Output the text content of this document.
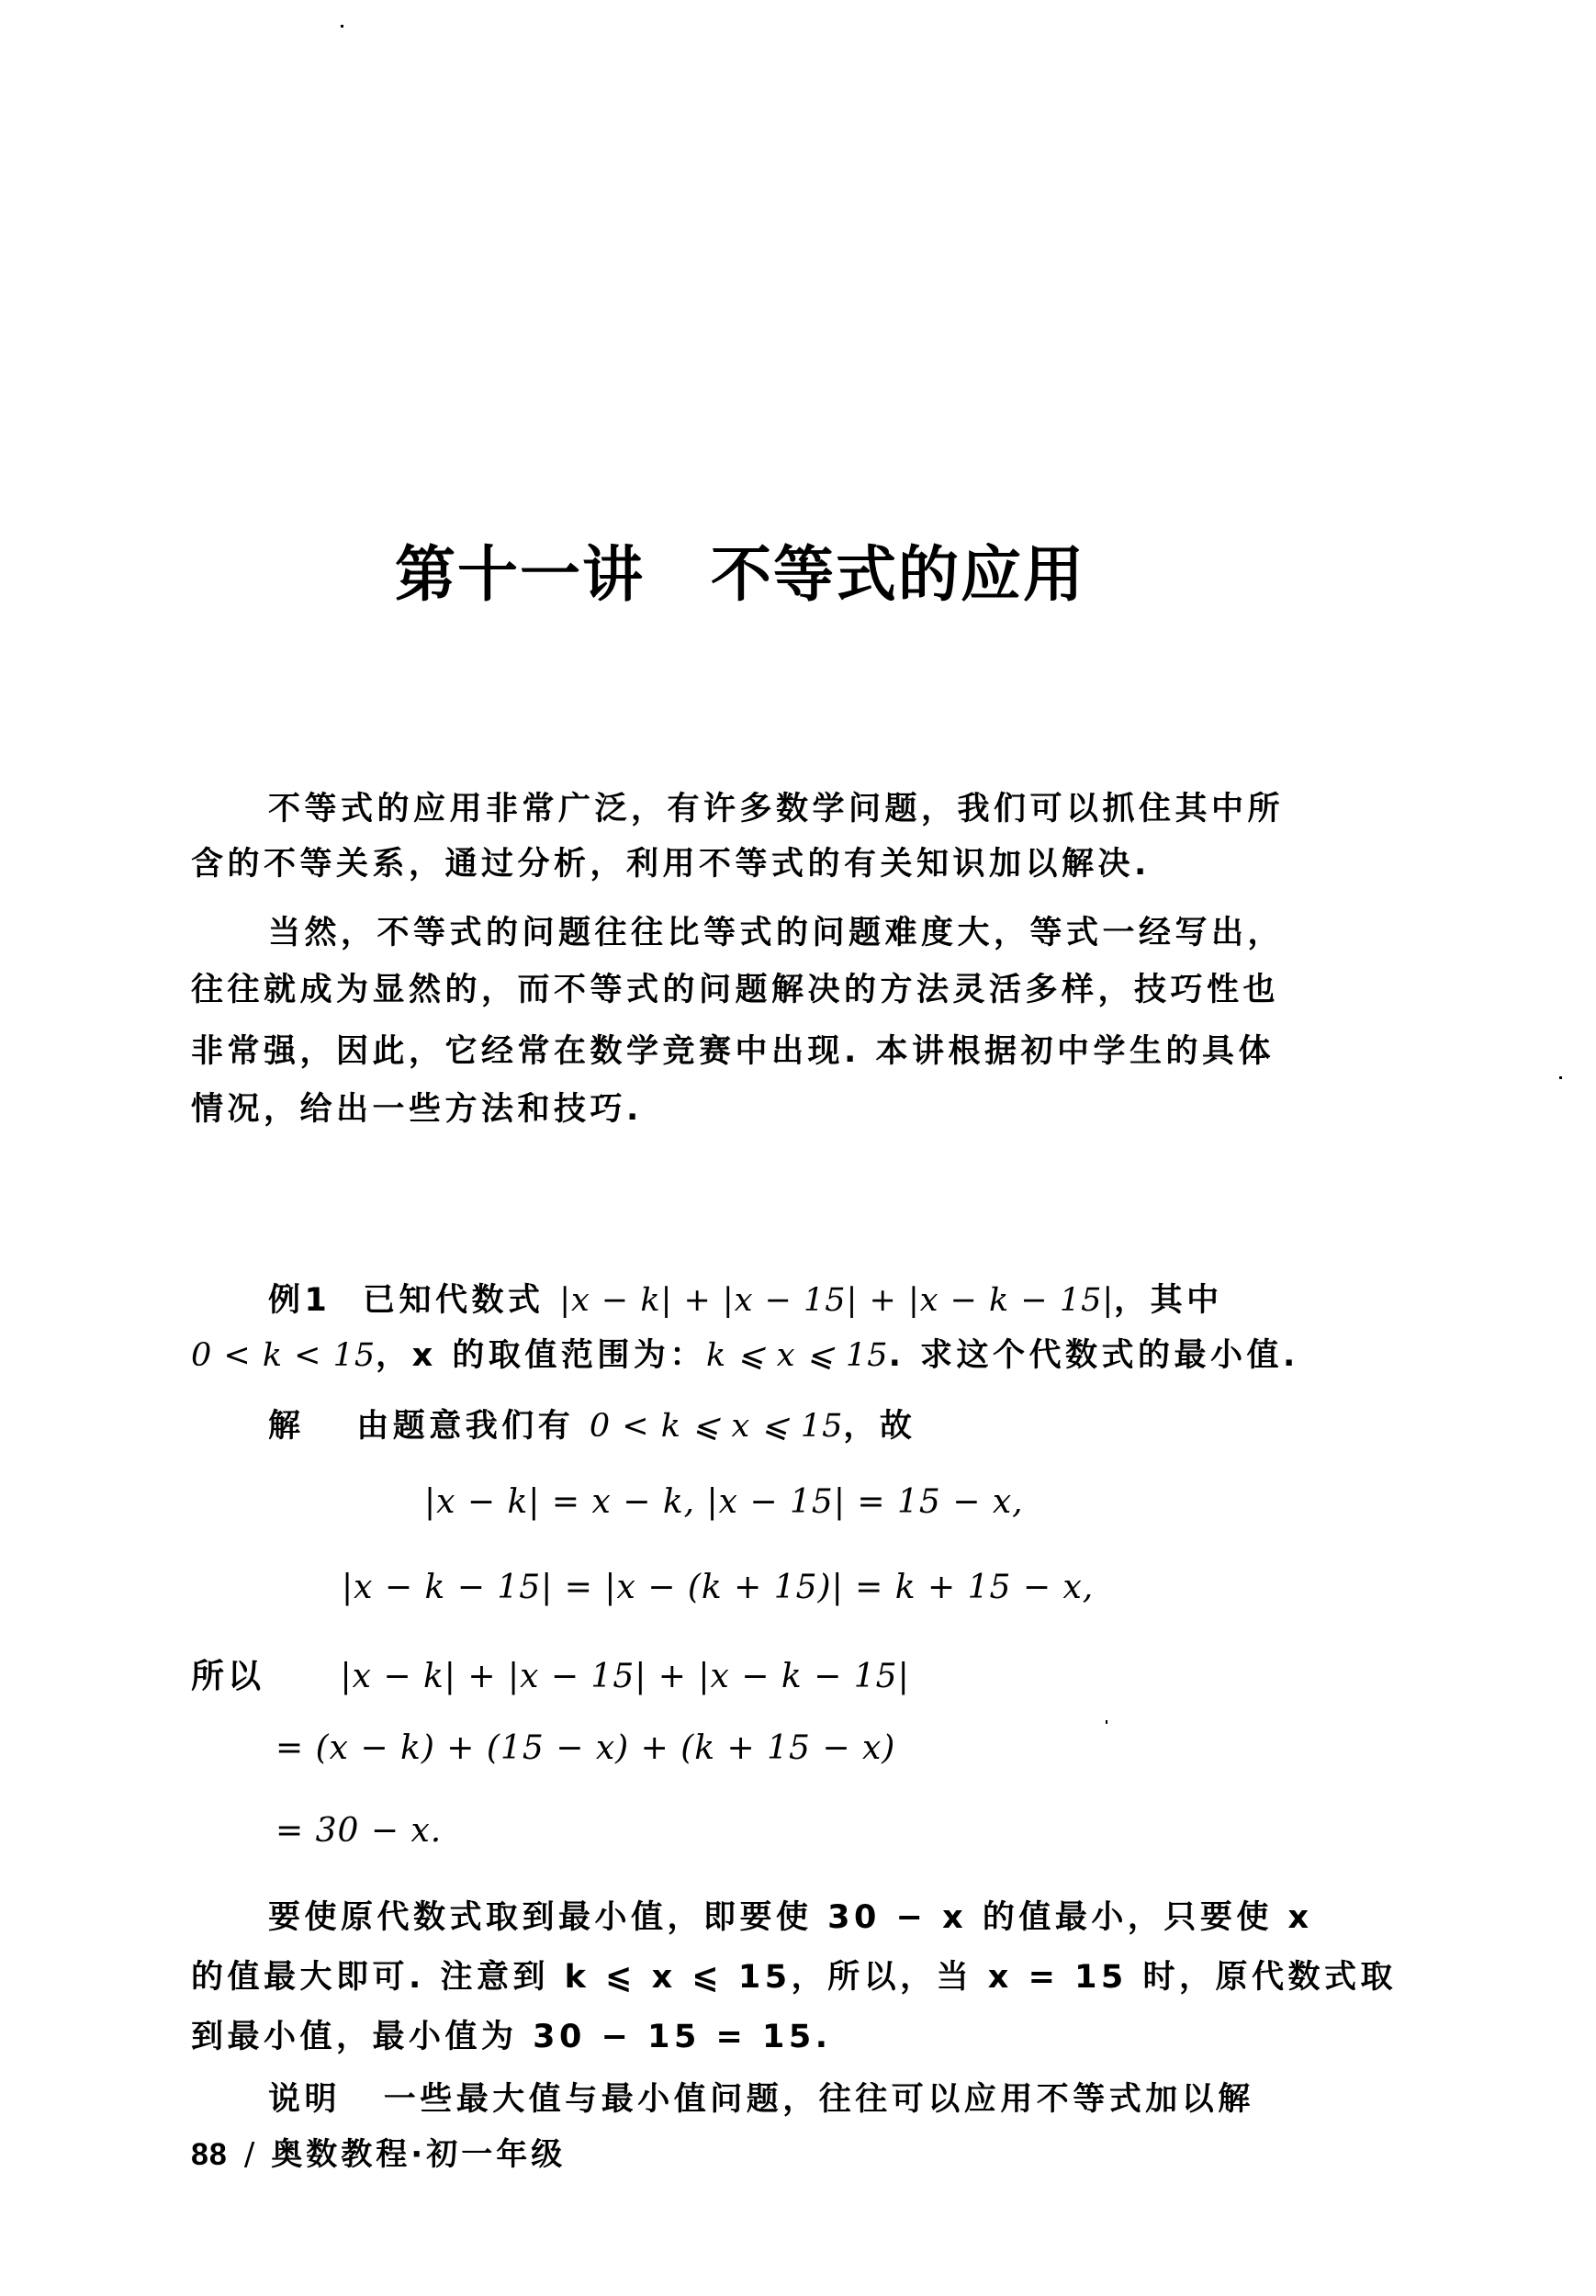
第十一讲 不等式的应用
不等式的应用非常广泛，有许多数学问题，我们可以抓住其中所
含的不等关系，通过分析，利用不等式的有关知识加以解决.
当然，不等式的问题往往比等式的问题难度大，等式一经写出，
往往就成为显然的，而不等式的问题解决的方法灵活多样，技巧性也
非常强，因此，它经常在数学竞赛中出现. 本讲根据初中学生的具体
情况，给出一些方法和技巧.
例1 已知代数式 |x − k| + |x − 15| + |x − k − 15|，其中
0 < k < 15，x 的取值范围为：k ⩽ x ⩽ 15. 求这个代数式的最小值.
解 由题意我们有 0 < k ⩽ x ⩽ 15，故
|x − k| = x − k, |x − 15| = 15 − x,
|x − k − 15| = |x − (k + 15)| = k + 15 − x,
所以 |x − k| + |x − 15| + |x − k − 15|
= (x − k) + (15 − x) + (k + 15 − x)
= 30 − x.
要使原代数式取到最小值，即要使 30 − x 的值最小，只要使 x
的值最大即可. 注意到 k ⩽ x ⩽ 15，所以，当 x = 15 时，原代数式取
到最小值，最小值为 30 − 15 = 15.
说明 一些最大值与最小值问题，往往可以应用不等式加以解
88 / 奥数教程·初一年级
